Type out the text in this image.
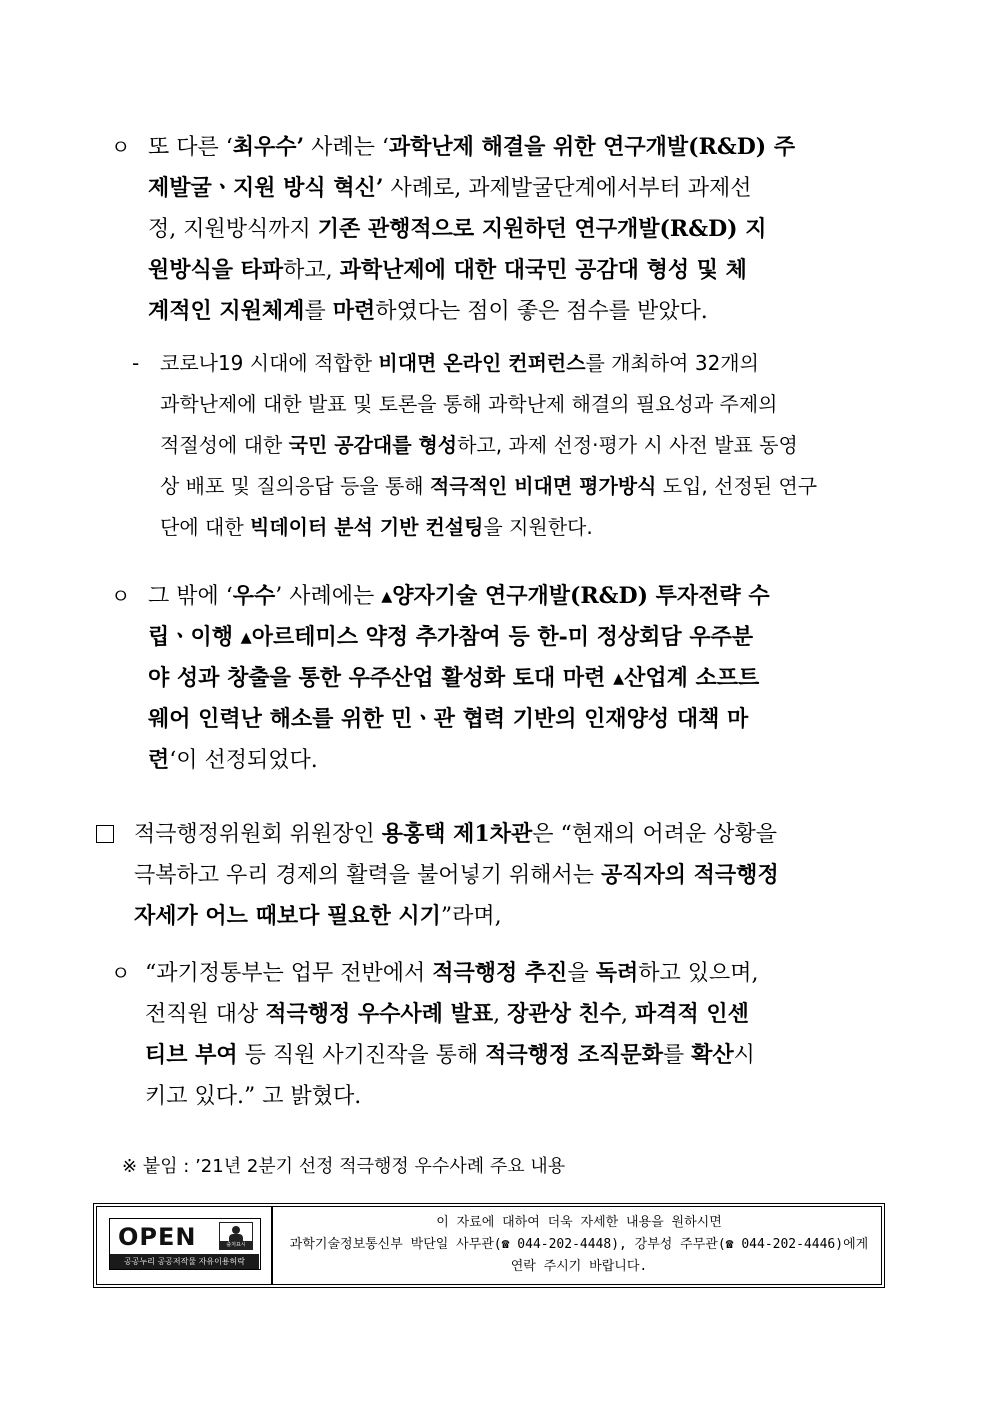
ㅇ 또 다른 ‘최우수’ 사례는 ‘과학난제 해결을 위한 연구개발(R&D) 주
제발굴ㆍ지원 방식 혁신’ 사례로, 과제발굴단계에서부터 과제선
정, 지원방식까지 기존 관행적으로 지원하던 연구개발(R&D) 지
원방식을 타파하고, 과학난제에 대한 대국민 공감대 형성 및 체
계적인 지원체계를 마련하였다는 점이 좋은 점수를 받았다.
- 코로나19 시대에 적합한 비대면 온라인 컨퍼런스를 개최하여 32개의
과학난제에 대한 발표 및 토론을 통해 과학난제 해결의 필요성과 주제의
적절성에 대한 국민 공감대를 형성하고, 과제 선정·평가 시 사전 발표 동영
상 배포 및 질의응답 등을 통해 적극적인 비대면 평가방식 도입, 선정된 연구
단에 대한 빅데이터 분석 기반 컨설팅을 지원한다.
ㅇ 그 밖에 ‘우수’ 사례에는 ▴양자기술 연구개발(R&D) 투자전략 수
립ㆍ이행 ▴아르테미스 약정 추가참여 등 한-미 정상회담 우주분
야 성과 창출을 통한 우주산업 활성화 토대 마련 ▴산업계 소프트
웨어 인력난 해소를 위한 민ㆍ관 협력 기반의 인재양성 대책 마
련‘이 선정되었다.
적극행정위원회 위원장인 용홍택 제1차관은 “현재의 어려운 상황을
극복하고 우리 경제의 활력을 불어넣기 위해서는 공직자의 적극행정
자세가 어느 때보다 필요한 시기”라며,
ㅇ “과기정통부는 업무 전반에서 적극행정 추진을 독려하고 있으며,
전직원 대상 적극행정 우수사례 발표, 장관상 친수, 파격적 인센
티브 부여 등 직원 사기진작을 통해 적극행정 조직문화를 확산시
키고 있다.” 고 밝혔다.
※ 붙임 : ’21년 2분기 선정 적극행정 우수사례 주요 내용
OPEN	출처표시
공공누리 공공저작물 자유이용허락
이 자료에 대하여 더욱 자세한 내용을 원하시면
과학기술정보통신부 박단일 사무관(☎ 044-202-4448), 강부성 주무관(☎ 044-202-4446)에게
연락 주시기 바랍니다.
